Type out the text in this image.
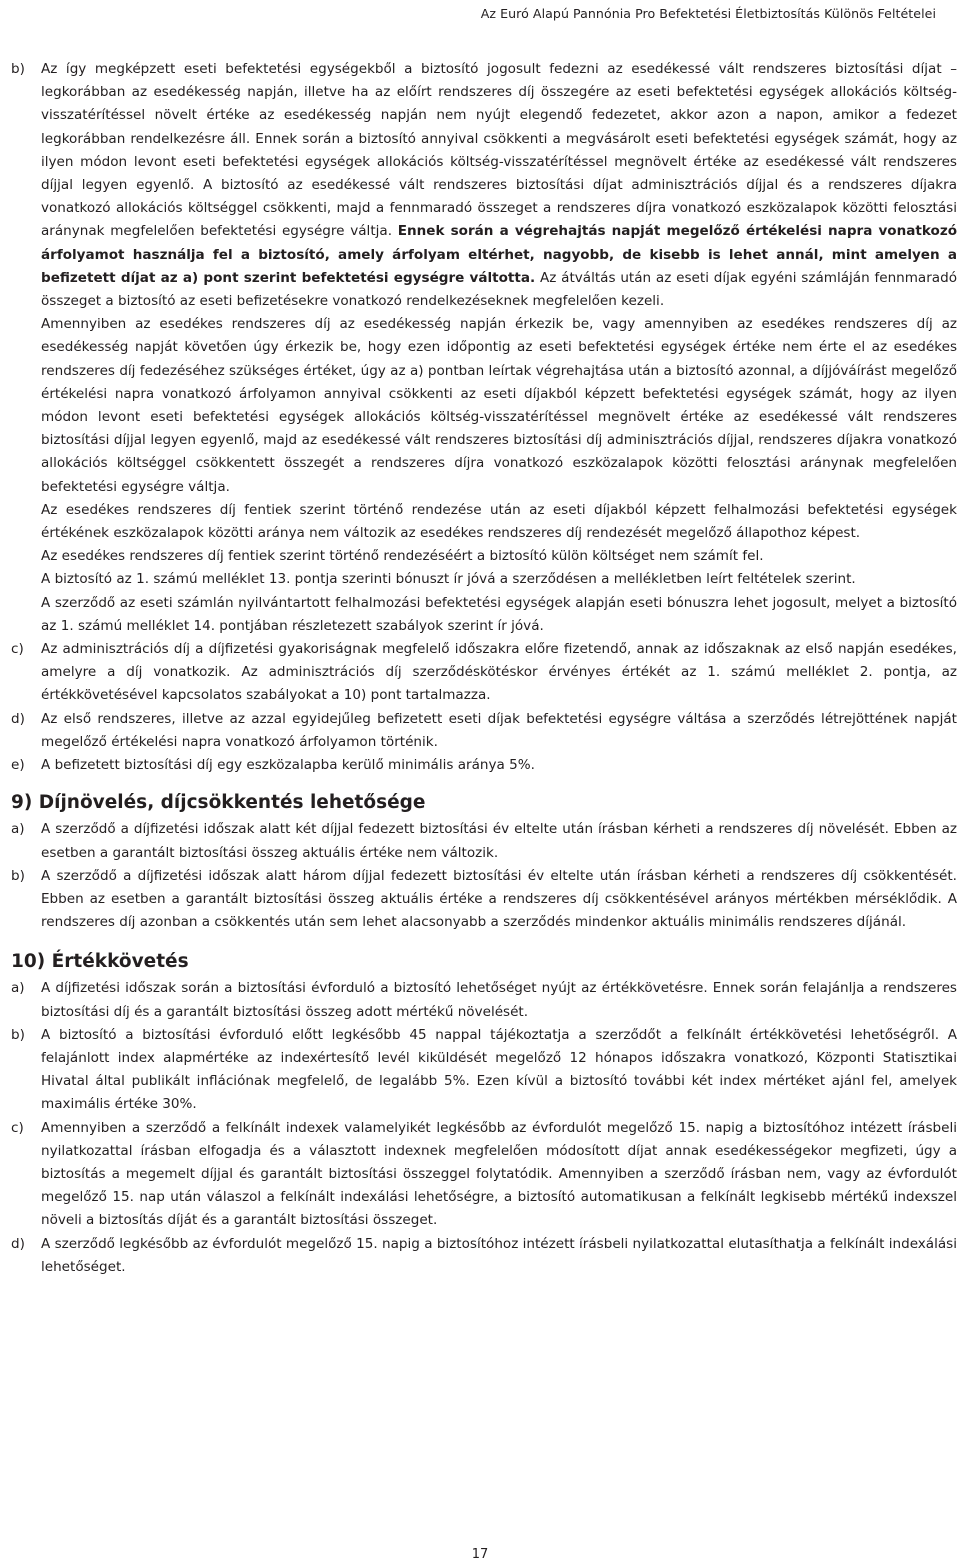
Az Euró Alapú Pannónia Pro Befektetési Életbiztosítás Különös Feltételei
b) Az így megképzett eseti befektetési egységekből a biztosító jogosult fedezni az esedékessé vált rendszeres biztosítási díjat – legkorábban az esedékesség napján, illetve ha az előírt rendszeres díj összegére az eseti befektetési egységek allokációs költség-visszatérítéssel növelt értéke az esedékesség napján nem nyújt elegendő fedezetet, akkor azon a napon, amikor a fedezet legkorábban rendelkezésre áll. Ennek során a biztosító annyival csökkenti a megvásárolt eseti befektetési egységek számát, hogy az ilyen módon levont eseti befektetési egységek allokációs költség-visszatérítéssel megnövelt értéke az esedékessé vált rendszeres díjjal legyen egyenlő. A biztosító az esedékessé vált rendszeres biztosítási díjat adminisztrációs díjjal és a rendszeres díjakra vonatkozó allokációs költséggel csökkenti, majd a fennmaradó összeget a rendszeres díjra vonatkozó eszközalapok közötti felosztási aránynak megfelelően befektetési egységre váltja. Ennek során a végrehajtás napját megelőző értékelési napra vonatkozó árfolyamot használja fel a biztosító, amely árfolyam eltérhet, nagyobb, de kisebb is lehet annál, mint amelyen a befizetett díjat az a) pont szerint befektetési egységre váltotta. Az átváltás után az eseti díjak egyéni számláján fennmaradó összeget a biztosító az eseti befizetésekre vonatkozó rendelkezéseknek megfelelően kezeli.

Amennyiben az esedékes rendszeres díj az esedékesség napján érkezik be, vagy amennyiben az esedékes rendszeres díj az esedékesség napját követően úgy érkezik be, hogy ezen időpontig az eseti befektetési egységek értéke nem érte el az esedékes rendszeres díj fedezéséhez szükséges értéket, úgy az a) pontban leírtak végrehajtása után a biztosító azonnal, a díjjóváírást megelőző értékelési napra vonatkozó árfolyamon annyival csökkenti az eseti díjakból képzett befektetési egységek számát, hogy az ilyen módon levont eseti befektetési egységek allokációs költség-visszatérítéssel megnövelt értéke az esedékessé vált rendszeres biztosítási díjjal legyen egyenlő, majd az esedékessé vált rendszeres biztosítási díj adminisztrációs díjjal, rendszeres díjakra vonatkozó allokációs költséggel csökkentett összegét a rendszeres díjra vonatkozó eszközalapok közötti felosztási aránynak megfelelően befektetési egységre váltja.

Az esedékes rendszeres díj fentiek szerint történő rendezése után az eseti díjakból képzett felhalmozási befektetési egységek értékének eszközalapok közötti aránya nem változik az esedékes rendszeres díj rendezését megelőző állapothoz képest.

Az esedékes rendszeres díj fentiek szerint történő rendezéséért a biztosító külön költséget nem számít fel.

A biztosító az 1. számú melléklet 13. pontja szerinti bónuszt ír jóvá a szerződésen a mellékletben leírt feltételek szerint.

A szerződő az eseti számlán nyilvántartott felhalmozási befektetési egységek alapján eseti bónuszra lehet jogosult, melyet a biztosító az 1. számú melléklet 14. pontjában részletezett szabályok szerint ír jóvá.

c) Az adminisztrációs díj a díjfizetési gyakoriságnak megfelelő időszakra előre fizetendő, annak az időszaknak az első napján esedékes, amelyre a díj vonatkozik. Az adminisztrációs díj szerződéskötéskor érvényes értékét az 1. számú melléklet 2. pontja, az értékkövetésével kapcsolatos szabályokat a 10) pont tartalmazza.

d) Az első rendszeres, illetve az azzal egyidejűleg befizetett eseti díjak befektetési egységre váltása a szerződés létrejöttének napját megelőző értékelési napra vonatkozó árfolyamon történik.

e) A befizetett biztosítási díj egy eszközalapba kerülő minimális aránya 5%.

9) Díjnövelés, díjcsökkentés lehetősége
a) A szerződő a díjfizetési időszak alatt két díjjal fedezett biztosítási év eltelte után írásban kérheti a rendszeres díj növelését. Ebben az esetben a garantált biztosítási összeg aktuális értéke nem változik.

b) A szerződő a díjfizetési időszak alatt három díjjal fedezett biztosítási év eltelte után írásban kérheti a rendszeres díj csökkentését. Ebben az esetben a garantált biztosítási összeg aktuális értéke a rendszeres díj csökkentésével arányos mértékben mérséklődik. A rendszeres díj azonban a csökkentés után sem lehet alacsonyabb a szerződés mindenkor aktuális minimális rendszeres díjánál.

10) Értékkövetés
a) A díjfizetési időszak során a biztosítási évforduló a biztosító lehetőséget nyújt az értékkövetésre. Ennek során felajánlja a rendszeres biztosítási díj és a garantált biztosítási összeg adott mértékű növelését.

b) A biztosító a biztosítási évforduló előtt legkésőbb 45 nappal tájékoztatja a szerződőt a felkínált értékkövetési lehetőségről. A felajánlott index alapmértéke az indexértesítő levél kiküldését megelőző 12 hónapos időszakra vonatkozó, Központi Statisztikai Hivatal által publikált inflációnak megfelelő, de legalább 5%. Ezen kívül a biztosító további két index mértéket ajánl fel, amelyek maximális értéke 30%.

c) Amennyiben a szerződő a felkínált indexek valamelyikét legkésőbb az évfordulót megelőző 15. napig a biztosítóhoz intézett írásbeli nyilatkozattal írásban elfogadja és a választott indexnek megfelelően módosított díjat annak esedékességekor megfizeti, úgy a biztosítás a megemelt díjjal és garantált biztosítási összeggel folytatódik. Amennyiben a szerződő írásban nem, vagy az évfordulót megelőző 15. nap után válaszol a felkínált indexálási lehetőségre, a biztosító automatikusan a felkínált legkisebb mértékű indexszel növeli a biztosítás díját és a garantált biztosítási összeget.

d) A szerződő legkésőbb az évfordulót megelőző 15. napig a biztosítóhoz intézett írásbeli nyilatkozattal elutasíthatja a felkínált indexálási lehetőséget.

17
